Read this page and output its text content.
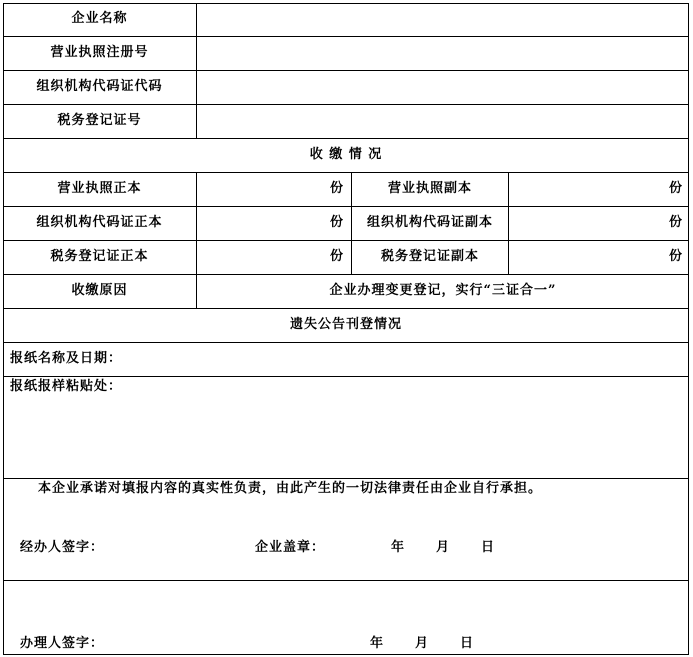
企业名称
营业执照注册号
组织机构代码证代码
税务登记证号
收 缴 情 况
营业执照正本	份	营业执照副本	份
组织机构代码证正本	份	组织机构代码证副本	份
税务登记证正本	份	税务登记证副本	份
收缴原因	企业办理变更登记，实行“三证合一”
遗失公告刊登情况
报纸名称及日期：
报纸报样粘贴处：
本企业承诺对填报内容的真实性负责，由此产生的一切法律责任由企业自行承担。
经办人签字：	企业盖章：	年 月 日
办理人签字：	年 月 日
